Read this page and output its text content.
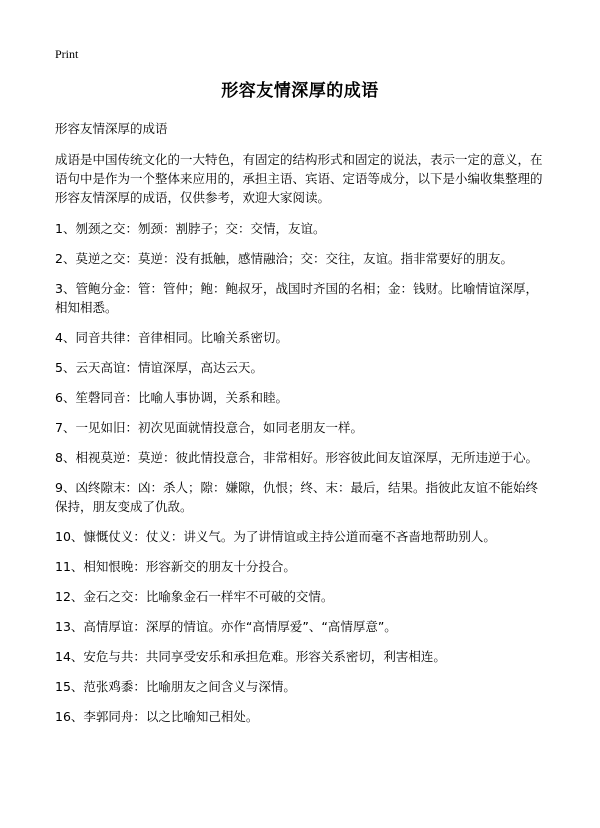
Print
形容友情深厚的成语

形容友情深厚的成语

成语是中国传统文化的一大特色，有固定的结构形式和固定的说法，表示一定的意义，在语句中是作为一个整体来应用的，承担主语、宾语、定语等成分，以下是小编收集整理的形容友情深厚的成语，仅供参考，欢迎大家阅读。

1、刎颈之交：刎颈：割脖子；交：交情，友谊。

2、莫逆之交：莫逆：没有抵触，感情融洽；交：交往，友谊。指非常要好的朋友。

3、管鲍分金：管：管仲；鲍：鲍叔牙，战国时齐国的名相；金：钱财。比喻情谊深厚，相知相悉。

4、同音共律：音律相同。比喻关系密切。

5、云天高谊：情谊深厚，高达云天。

6、笙磬同音：比喻人事协调，关系和睦。

7、一见如旧：初次见面就情投意合，如同老朋友一样。

8、相视莫逆：莫逆：彼此情投意合，非常相好。形容彼此间友谊深厚，无所违逆于心。

9、凶终隙末：凶：杀人；隙：嫌隙，仇恨；终、末：最后，结果。指彼此友谊不能始终保持，朋友变成了仇敌。

10、慷慨仗义：仗义：讲义气。为了讲情谊或主持公道而毫不吝啬地帮助别人。

11、相知恨晚：形容新交的朋友十分投合。

12、金石之交：比喻象金石一样牢不可破的交情。

13、高情厚谊：深厚的情谊。亦作“高情厚爱”、“高情厚意”。

14、安危与共：共同享受安乐和承担危难。形容关系密切，利害相连。

15、范张鸡黍：比喻朋友之间含义与深情。

16、李郭同舟：以之比喻知己相处。
